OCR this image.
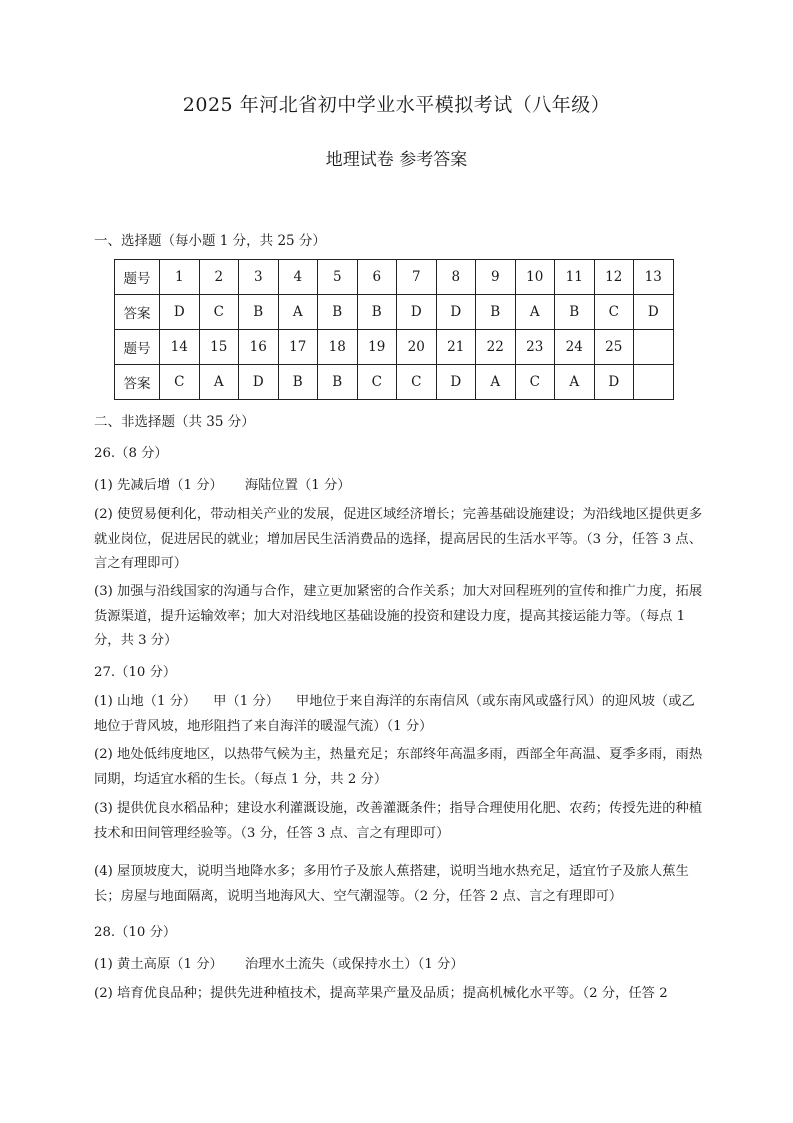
2025 年河北省初中学业水平模拟考试（八年级）
地理试卷 参考答案
一、选择题（每小题 1 分，共 25 分）
题号	1	2	3	4	5	6	7	8	9	10	11	12	13
答案	D	C	B	A	B	B	D	D	B	A	B	C	D
题号	14	15	16	17	18	19	20	21	22	23	24	25	
答案	C	A	D	B	B	C	C	D	A	C	A	D	
二、非选择题（共 35 分）
26.（8 分）
(1) 先减后增（1 分） 海陆位置（1 分）

(2) 使贸易便利化，带动相关产业的发展，促进区域经济增长；完善基础设施建设；为沿线地区提供更多就业岗位，促进居民的就业；增加居民生活消费品的选择，提高居民的生活水平等。（3 分，任答 3 点、言之有理即可）

(3) 加强与沿线国家的沟通与合作，建立更加紧密的合作关系；加大对回程班列的宣传和推广力度，拓展货源渠道，提升运输效率；加大对沿线地区基础设施的投资和建设力度，提高其接运能力等。（每点 1 分，共 3 分）

27.（10 分）

(1) 山地（1 分）    甲（1 分）    甲地位于来自海洋的东南信风（或东南风或盛行风）的迎风坡（或乙地位于背风坡，地形阻挡了来自海洋的暖湿气流）（1 分）

(2) 地处低纬度地区，以热带气候为主，热量充足；东部终年高温多雨，西部全年高温、夏季多雨，雨热同期，均适宜水稻的生长。（每点 1 分，共 2 分）

(3) 提供优良水稻品种；建设水利灌溉设施，改善灌溉条件；指导合理使用化肥、农药；传授先进的种植技术和田间管理经验等。（3 分，任答 3 点、言之有理即可）

(4) 屋顶坡度大，说明当地降水多；多用竹子及旅人蕉搭建，说明当地水热充足，适宜竹子及旅人蕉生长；房屋与地面隔离，说明当地海风大、空气潮湿等。（2 分，任答 2 点、言之有理即可）

28.（10 分）
(1) 黄土高原（1 分） 治理水土流失（或保持水土）（1 分）

(2) 培育优良品种；提供先进种植技术，提高苹果产量及品质；提高机械化水平等。（2 分，任答 2
